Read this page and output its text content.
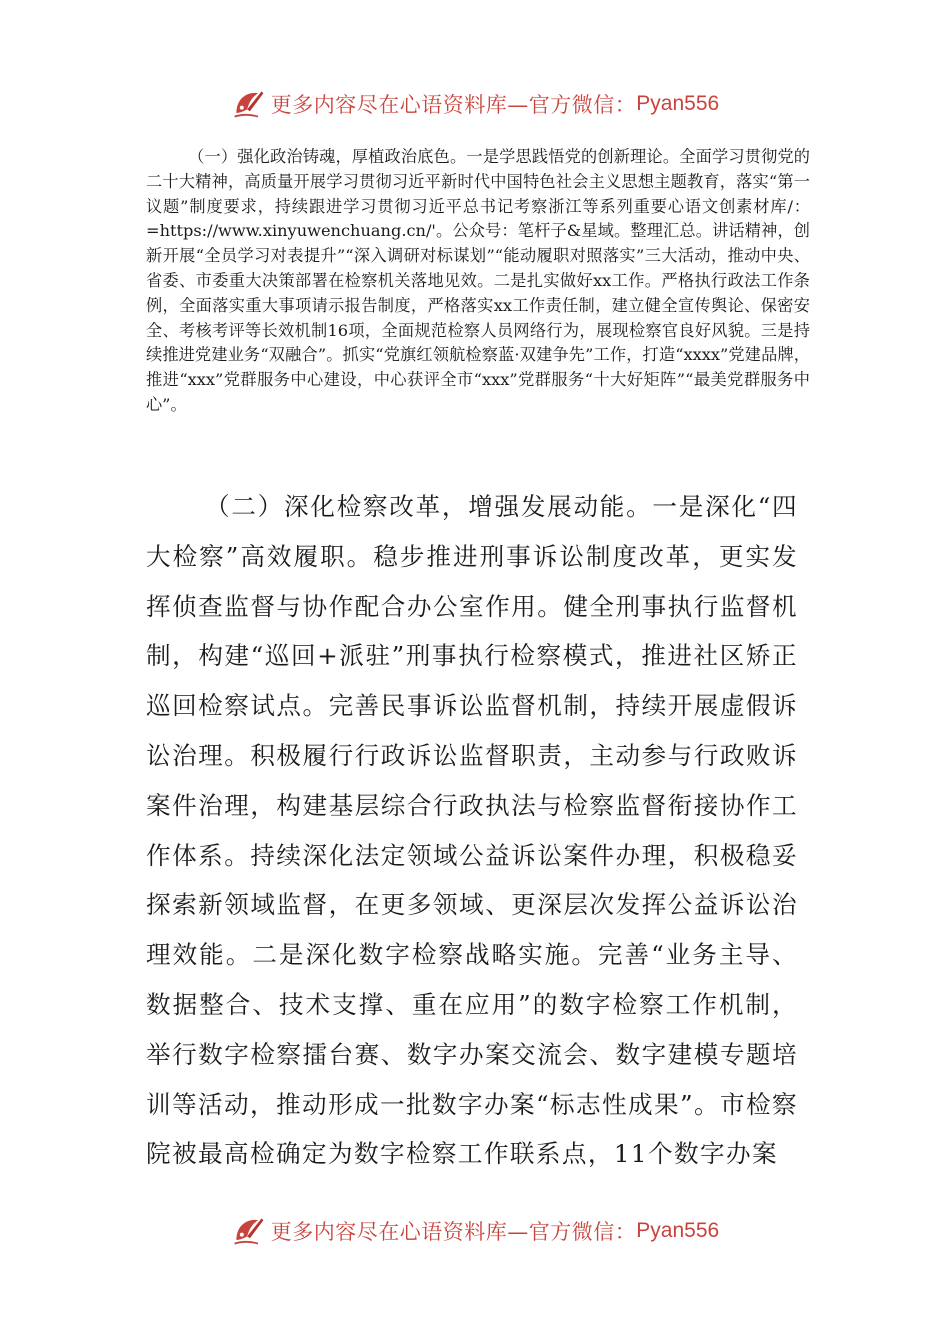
更多内容尽在心语资料库—官方微信： Pyan556

（一）强化政治铸魂，厚植政治底色。一是学思践悟党的创新理论。全面学习贯彻党的二十大精神，高质量开展学习贯彻习近平新时代中国特色社会主义思想主题教育，落实“第一议题”制度要求，持续跟进学习贯彻习近平总书记考察浙江等系列重要心语文创素材库/：=https://www.xinyuwenchuang.cn/'。公众号：笔杆子&星域。整理汇总。讲话精神，创新开展“全员学习对表提升”“深入调研对标谋划”“能动履职对照落实”三大活动，推动中央、省委、市委重大决策部署在检察机关落地见效。二是扎实做好xx工作。严格执行政法工作条例，全面落实重大事项请示报告制度，严格落实xx工作责任制，建立健全宣传舆论、保密安全、考核考评等长效机制16项，全面规范检察人员网络行为，展现检察官良好风貌。三是持续推进党建业务“双融合”。抓实“党旗红领航检察蓝·双建争先”工作，打造“xxxx”党建品牌，推进“xxx”党群服务中心建设，中心获评全市“xxx”党群服务“十大好矩阵”“最美党群服务中心”。

（二）深化检察改革，增强发展动能。一是深化“四大检察”高效履职。稳步推进刑事诉讼制度改革，更实发挥侦查监督与协作配合办公室作用。健全刑事执行监督机制，构建“巡回+派驻”刑事执行检察模式，推进社区矫正巡回检察试点。完善民事诉讼监督机制，持续开展虚假诉讼治理。积极履行行政诉讼监督职责，主动参与行政败诉案件治理，构建基层综合行政执法与检察监督衔接协作工作体系。持续深化法定领域公益诉讼案件办理，积极稳妥探索新领域监督，在更多领域、更深层次发挥公益诉讼治理效能。二是深化数字检察战略实施。完善“业务主导、数据整合、技术支撑、重在应用”的数字检察工作机制，举行数字检察擂台赛、数字办案交流会、数字建模专题培训等活动，推动形成一批数字办案“标志性成果”。市检察院被最高检确定为数字检察工作联系点，11个数字办案

更多内容尽在心语资料库—官方微信： Pyan556
